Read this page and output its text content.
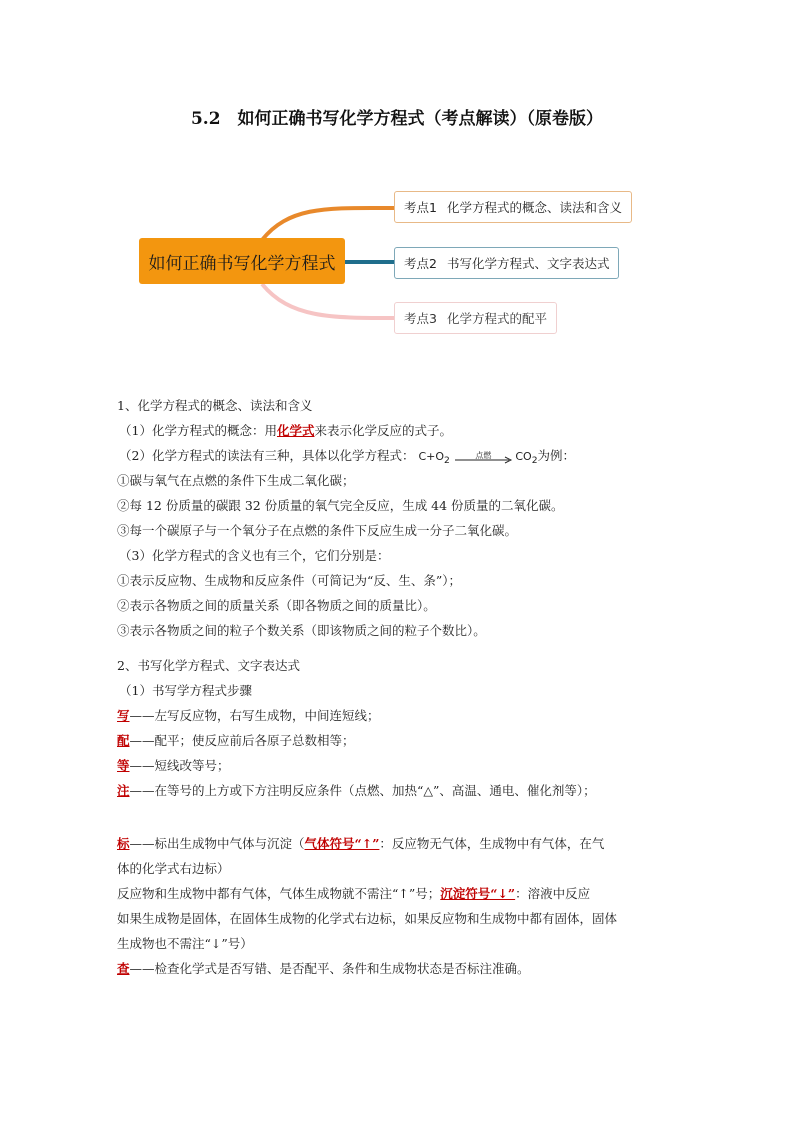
5.2　如何正确书写化学方程式（考点解读）（原卷版）
如何正确书写化学方程式
考点1 化学方程式的概念、读法和含义
考点2 书写化学方程式、文字表达式
考点3 化学方程式的配平
1、化学方程式的概念、读法和含义
（1）化学方程式的概念：用化学式来表示化学反应的式子。
（2）化学方程式的读法有三种，具体以化学方程式： $C+O_2$	点燃 $CO_2$为例：
①碳与氧气在点燃的条件下生成二氧化碳；
②每 12 份质量的碳跟 32 份质量的氧气完全反应，生成 44 份质量的二氧化碳。
③每一个碳原子与一个氧分子在点燃的条件下反应生成一分子二氧化碳。
（3）化学方程式的含义也有三个，它们分别是：
①表示反应物、生成物和反应条件（可简记为“反、生、条”）；
②表示各物质之间的质量关系（即各物质之间的质量比）。
③表示各物质之间的粒子个数关系（即该物质之间的粒子个数比）。
2、书写化学方程式、文字表达式
（1）书写学方程式步骤
写——左写反应物，右写生成物，中间连短线；
配——配平；使反应前后各原子总数相等；
等——短线改等号；
注——在等号的上方或下方注明反应条件（点燃、加热“△”、高温、通电、催化剂等）；
标——标出生成物中气体与沉淀（气体符号“↑”：反应物无气体，生成物中有气体，在气
体的化学式右边标）
反应物和生成物中都有气体，气体生成物就不需注“↑”号；沉淀符号“↓”：溶液中反应
如果生成物是固体，在固体生成物的化学式右边标，如果反应物和生成物中都有固体，固体
生成物也不需注“↓”号）
查——检查化学式是否写错、是否配平、条件和生成物状态是否标注准确。
